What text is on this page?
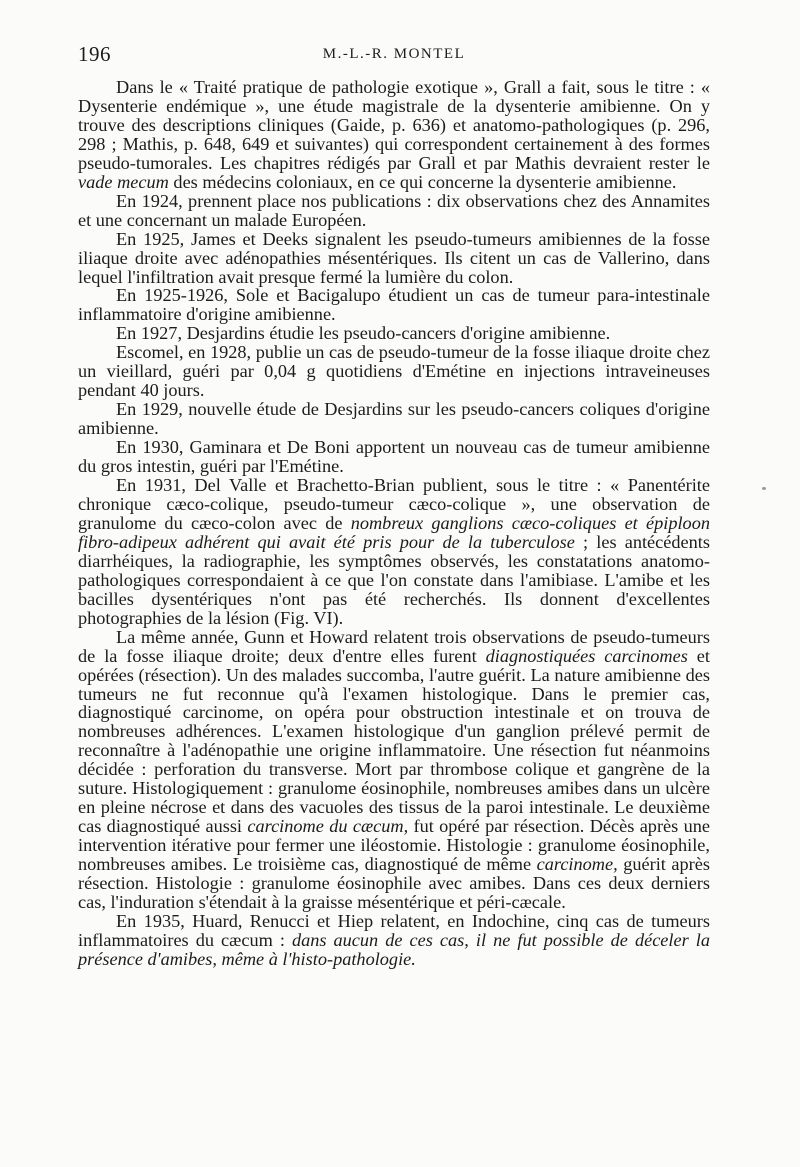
196	M.-L.-R. MONTEL

Dans le « Traité pratique de pathologie exotique », Grall a fait, sous le titre : « Dysenterie endémique », une étude magistrale de la dysenterie amibienne. On y trouve des descriptions cliniques (Gaide, p. 636) et anatomo-pathologiques (p. 296, 298 ; Mathis, p. 648, 649 et suivantes) qui correspondent certainement à des formes pseudo-tumorales. Les chapitres rédigés par Grall et par Mathis devraient rester le vade mecum des médecins coloniaux, en ce qui concerne la dysenterie amibienne.

En 1924, prennent place nos publications : dix observations chez des Annamites et une concernant un malade Européen.

En 1925, James et Deeks signalent les pseudo-tumeurs amibiennes de la fosse iliaque droite avec adénopathies mésentériques. Ils citent un cas de Vallerino, dans lequel l'infiltration avait presque fermé la lumière du colon.

En 1925-1926, Sole et Bacigalupo étudient un cas de tumeur para-intestinale inflammatoire d'origine amibienne.

En 1927, Desjardins étudie les pseudo-cancers d'origine amibienne.

Escomel, en 1928, publie un cas de pseudo-tumeur de la fosse iliaque droite chez un vieillard, guéri par 0,04 g quotidiens d'Emétine en injections intraveineuses pendant 40 jours.

En 1929, nouvelle étude de Desjardins sur les pseudo-cancers coliques d'origine amibienne.

En 1930, Gaminara et De Boni apportent un nouveau cas de tumeur amibienne du gros intestin, guéri par l'Emétine.

En 1931, Del Valle et Brachetto-Brian publient, sous le titre : « Panentérite chronique cæco-colique, pseudo-tumeur cæco-colique », une observation de granulome du cæco-colon avec de nombreux ganglions cæco-coliques et épiploon fibro-adipeux adhérent qui avait été pris pour de la tuberculose ; les antécédents diarrhéiques, la radiographie, les symptômes observés, les constatations anatomo-pathologiques correspondaient à ce que l'on constate dans l'amibiase. L'amibe et les bacilles dysentériques n'ont pas été recherchés. Ils donnent d'excellentes photographies de la lésion (Fig. VI).

La même année, Gunn et Howard relatent trois observations de pseudo-tumeurs de la fosse iliaque droite; deux d'entre elles furent diagnostiquées carcinomes et opérées (résection). Un des malades succomba, l'autre guérit. La nature amibienne des tumeurs ne fut reconnue qu'à l'examen histologique. Dans le premier cas, diagnostiqué carcinome, on opéra pour obstruction intestinale et on trouva de nombreuses adhérences. L'examen histologique d'un ganglion prélevé permit de reconnaître à l'adénopathie une origine inflammatoire. Une résection fut néanmoins décidée : perforation du transverse. Mort par thrombose colique et gangrène de la suture. Histologiquement : granulome éosinophile, nombreuses amibes dans un ulcère en pleine nécrose et dans des vacuoles des tissus de la paroi intestinale. Le deuxième cas diagnostiqué aussi carcinome du cæcum, fut opéré par résection. Décès après une intervention itérative pour fermer une iléostomie. Histologie : granulome éosinophile, nombreuses amibes. Le troisième cas, diagnostiqué de même carcinome, guérit après résection. Histologie : granulome éosinophile avec amibes. Dans ces deux derniers cas, l'induration s'étendait à la graisse mésentérique et péri-cæcale.

En 1935, Huard, Renucci et Hiep relatent, en Indochine, cinq cas de tumeurs inflammatoires du cæcum : dans aucun de ces cas, il ne fut possible de déceler la présence d'amibes, même à l'histo-pathologie.
